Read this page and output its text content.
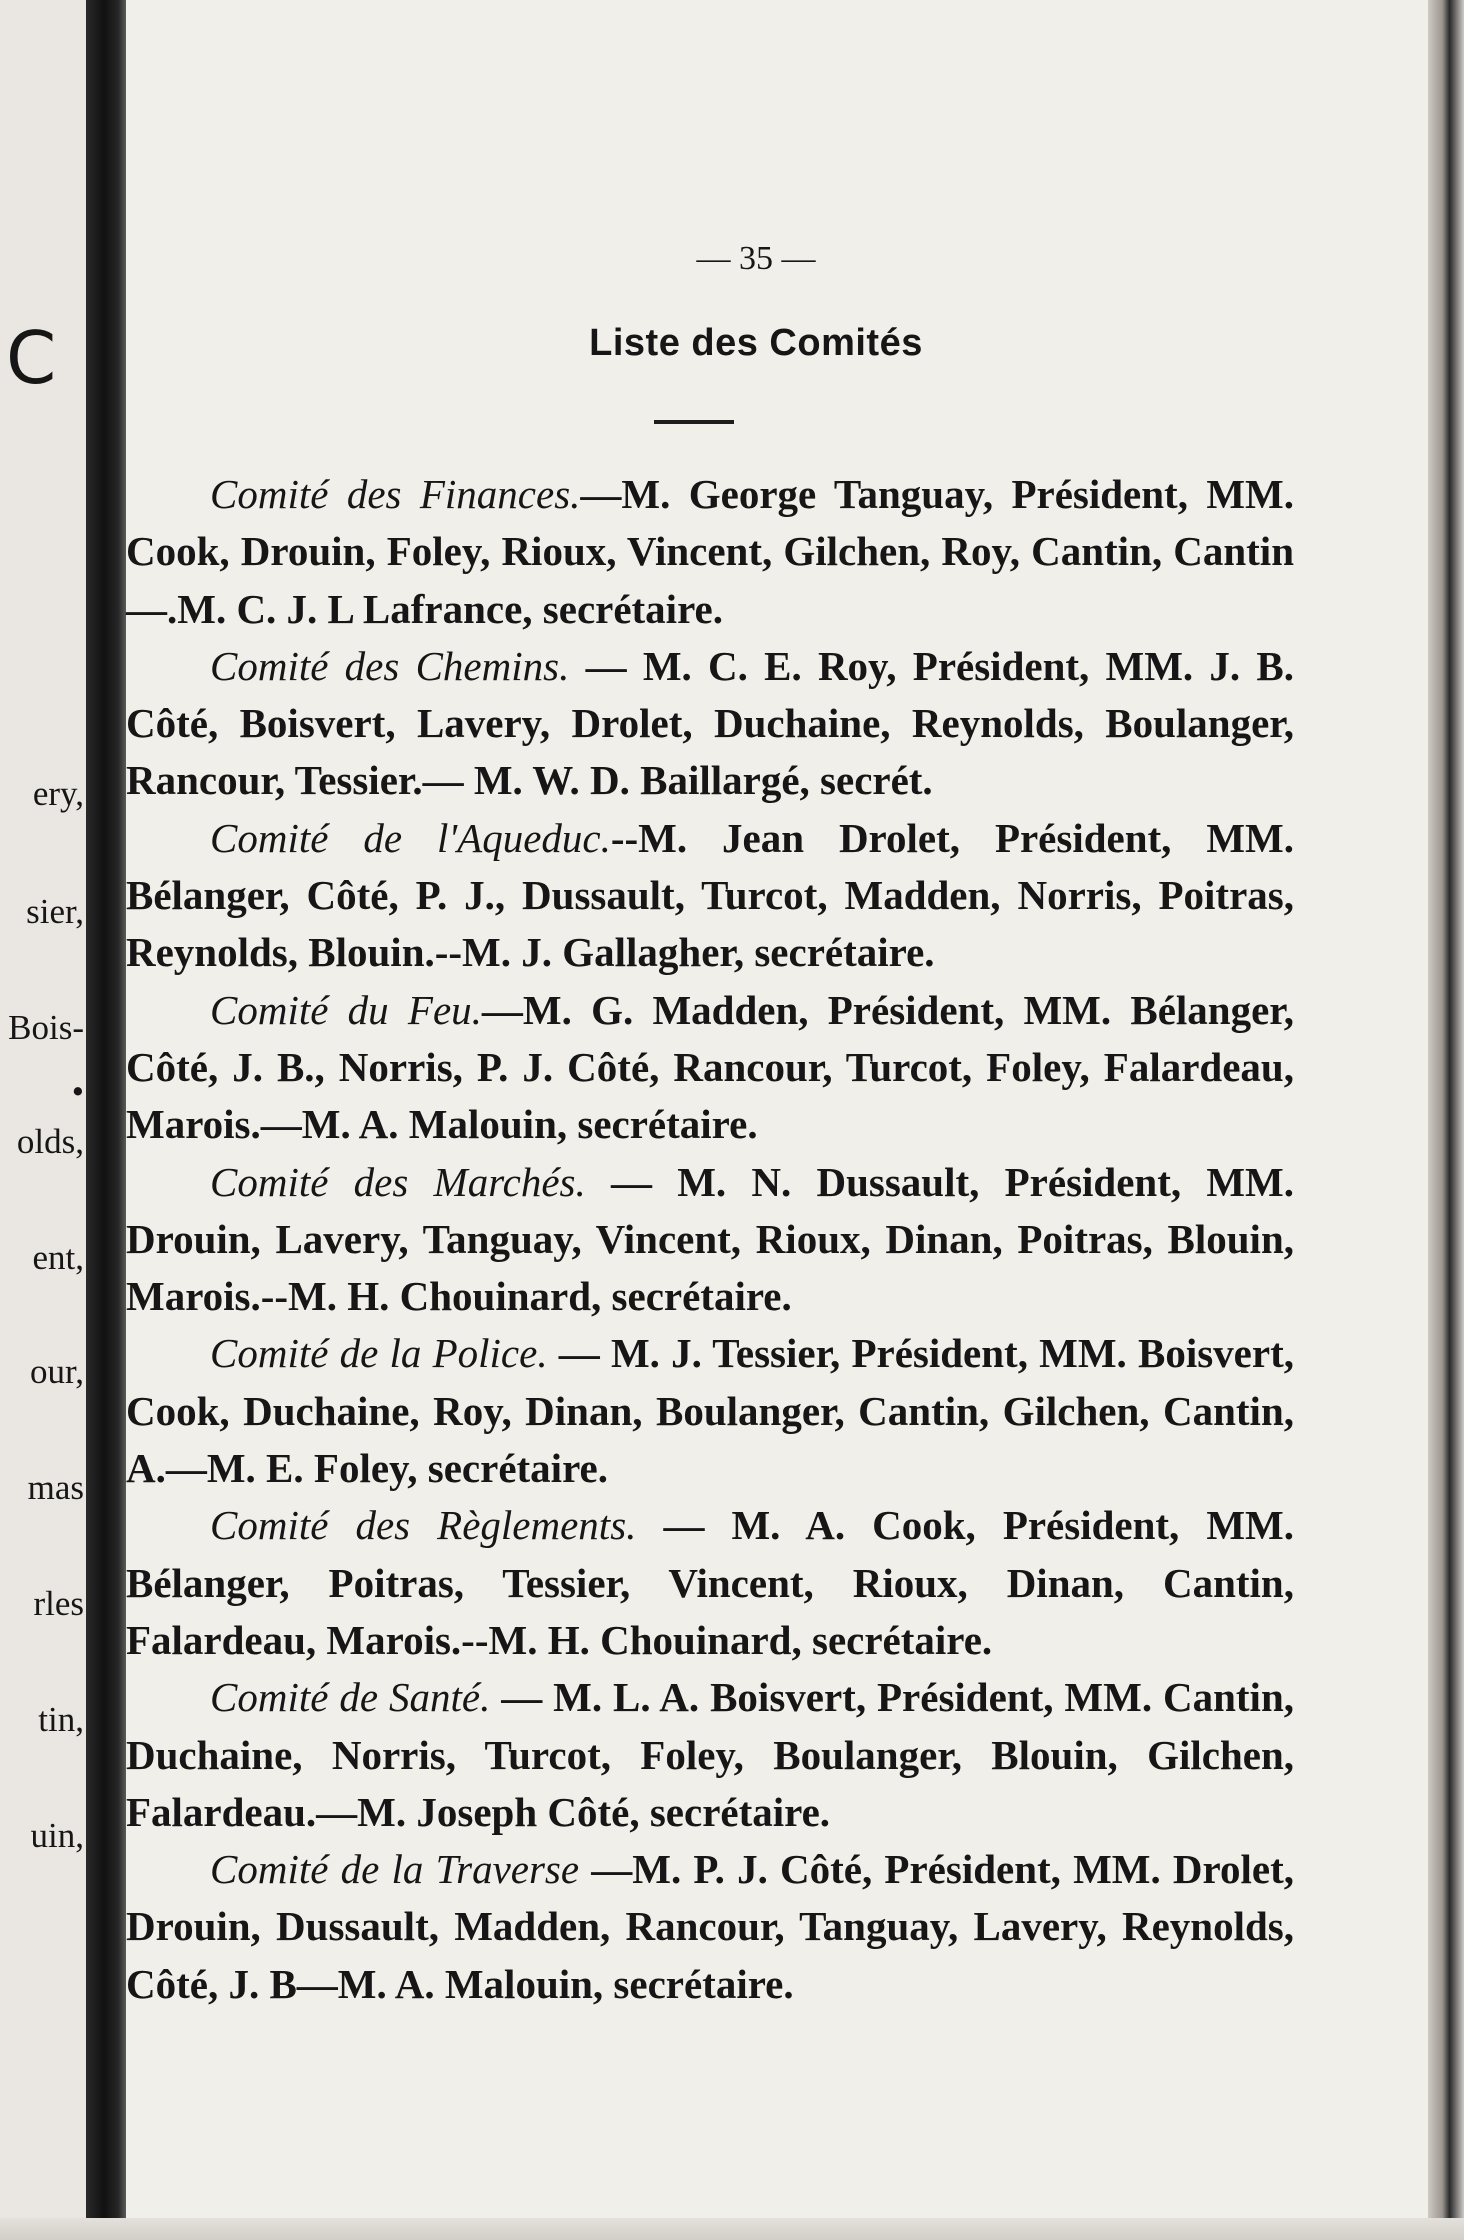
C
ery,
sier,
Bois-
•
olds,
ent,
our,
mas
rles
tin,
uin,
— 35 —
Liste des Comités

Comité des Finances.—M. George Tanguay, Président, MM. Cook, Drouin, Foley, Rioux, Vincent, Gilchen, Roy, Cantin, Cantin—.M. C. J. L Lafrance, secrétaire.

Comité des Chemins. — M. C. E. Roy, Président, MM. J. B. Côté, Boisvert, Lavery, Drolet, Duchaine, Reynolds, Boulanger, Rancour, Tessier.— M. W. D. Baillargé, secrét.

Comité de l'Aqueduc.--M. Jean Drolet, Président, MM. Bélanger, Côté, P. J., Dussault, Turcot, Madden, Norris, Poitras, Reynolds, Blouin.--M. J. Gallagher, secrétaire.

Comité du Feu.—M. G. Madden, Président, MM. Bélanger, Côté, J. B., Norris, P. J. Côté, Rancour, Turcot, Foley, Falardeau, Marois.—M. A. Malouin, secrétaire.

Comité des Marchés. — M. N. Dussault, Président, MM. Drouin, Lavery, Tanguay, Vincent, Rioux, Dinan, Poitras, Blouin, Marois.--M. H. Chouinard, secrétaire.

Comité de la Police. — M. J. Tessier, Président, MM. Boisvert, Cook, Duchaine, Roy, Dinan, Boulanger, Cantin, Gilchen, Cantin, A.—M. E. Foley, secrétaire.

Comité des Règlements. — M. A. Cook, Président, MM. Bélanger, Poitras, Tessier, Vincent, Rioux, Dinan, Cantin, Falardeau, Marois.--M. H. Chouinard, secrétaire.

Comité de Santé. — M. L. A. Boisvert, Président, MM. Cantin, Duchaine, Norris, Turcot, Foley, Boulanger, Blouin, Gilchen, Falardeau.—M. Joseph Côté, secrétaire.

Comité de la Traverse —M. P. J. Côté, Président, MM. Drolet, Drouin, Dussault, Madden, Rancour, Tanguay, Lavery, Reynolds, Côté, J. B—M. A. Malouin, secrétaire.
